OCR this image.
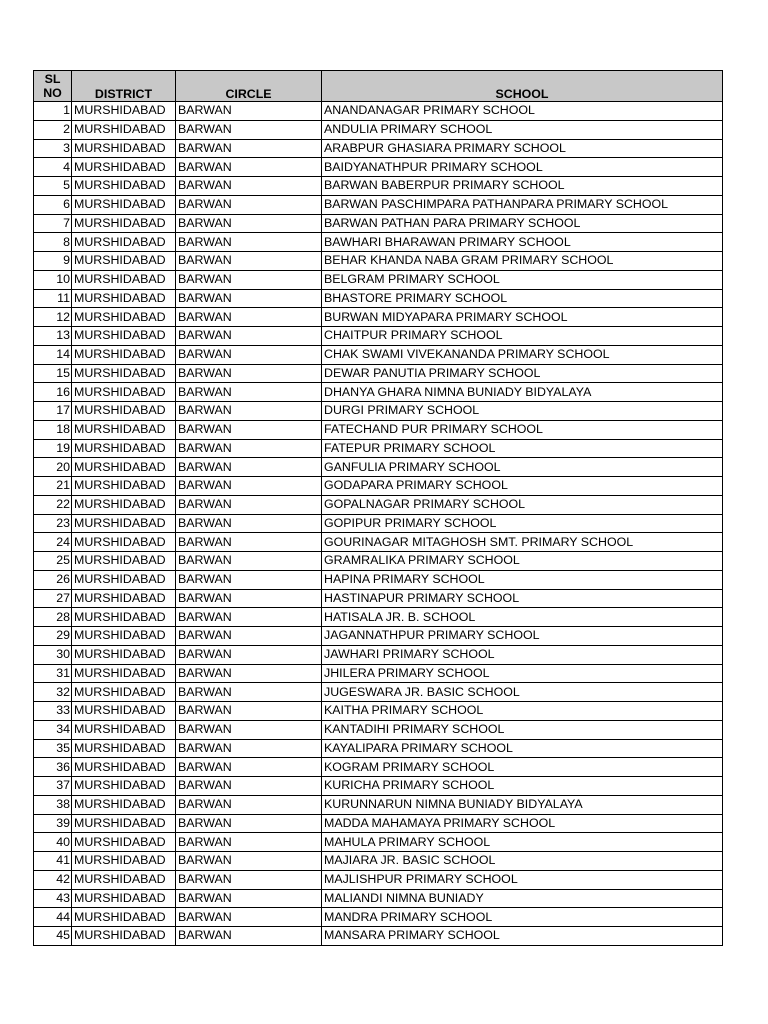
SL
NO	DISTRICT	CIRCLE	SCHOOL
1	MURSHIDABAD	BARWAN	ANANDANAGAR PRIMARY SCHOOL
2	MURSHIDABAD	BARWAN	ANDULIA PRIMARY SCHOOL
3	MURSHIDABAD	BARWAN	ARABPUR GHASIARA PRIMARY SCHOOL
4	MURSHIDABAD	BARWAN	BAIDYANATHPUR PRIMARY SCHOOL
5	MURSHIDABAD	BARWAN	BARWAN BABERPUR PRIMARY SCHOOL
6	MURSHIDABAD	BARWAN	BARWAN PASCHIMPARA PATHANPARA PRIMARY SCHOOL
7	MURSHIDABAD	BARWAN	BARWAN PATHAN PARA PRIMARY SCHOOL
8	MURSHIDABAD	BARWAN	BAWHARI BHARAWAN PRIMARY SCHOOL
9	MURSHIDABAD	BARWAN	BEHAR KHANDA NABA GRAM PRIMARY SCHOOL
10	MURSHIDABAD	BARWAN	BELGRAM PRIMARY SCHOOL
11	MURSHIDABAD	BARWAN	BHASTORE PRIMARY SCHOOL
12	MURSHIDABAD	BARWAN	BURWAN MIDYAPARA PRIMARY SCHOOL
13	MURSHIDABAD	BARWAN	CHAITPUR PRIMARY SCHOOL
14	MURSHIDABAD	BARWAN	CHAK SWAMI VIVEKANANDA PRIMARY SCHOOL
15	MURSHIDABAD	BARWAN	DEWAR PANUTIA PRIMARY SCHOOL
16	MURSHIDABAD	BARWAN	DHANYA GHARA NIMNA BUNIADY BIDYALAYA
17	MURSHIDABAD	BARWAN	DURGI PRIMARY SCHOOL
18	MURSHIDABAD	BARWAN	FATECHAND PUR PRIMARY SCHOOL
19	MURSHIDABAD	BARWAN	FATEPUR PRIMARY SCHOOL
20	MURSHIDABAD	BARWAN	GANFULIA PRIMARY SCHOOL
21	MURSHIDABAD	BARWAN	GODAPARA PRIMARY SCHOOL
22	MURSHIDABAD	BARWAN	GOPALNAGAR PRIMARY SCHOOL
23	MURSHIDABAD	BARWAN	GOPIPUR PRIMARY SCHOOL
24	MURSHIDABAD	BARWAN	GOURINAGAR MITAGHOSH SMT. PRIMARY SCHOOL
25	MURSHIDABAD	BARWAN	GRAMRALIKA PRIMARY SCHOOL
26	MURSHIDABAD	BARWAN	HAPINA PRIMARY SCHOOL
27	MURSHIDABAD	BARWAN	HASTINAPUR PRIMARY SCHOOL
28	MURSHIDABAD	BARWAN	HATISALA JR. B. SCHOOL
29	MURSHIDABAD	BARWAN	JAGANNATHPUR PRIMARY SCHOOL
30	MURSHIDABAD	BARWAN	JAWHARI PRIMARY SCHOOL
31	MURSHIDABAD	BARWAN	JHILERA PRIMARY SCHOOL
32	MURSHIDABAD	BARWAN	JUGESWARA JR. BASIC SCHOOL
33	MURSHIDABAD	BARWAN	KAITHA PRIMARY SCHOOL
34	MURSHIDABAD	BARWAN	KANTADIHI PRIMARY SCHOOL
35	MURSHIDABAD	BARWAN	KAYALIPARA PRIMARY SCHOOL
36	MURSHIDABAD	BARWAN	KOGRAM PRIMARY SCHOOL
37	MURSHIDABAD	BARWAN	KURICHA PRIMARY SCHOOL
38	MURSHIDABAD	BARWAN	KURUNNARUN NIMNA BUNIADY BIDYALAYA
39	MURSHIDABAD	BARWAN	MADDA MAHAMAYA PRIMARY SCHOOL
40	MURSHIDABAD	BARWAN	MAHULA PRIMARY SCHOOL
41	MURSHIDABAD	BARWAN	MAJIARA JR. BASIC SCHOOL
42	MURSHIDABAD	BARWAN	MAJLISHPUR PRIMARY SCHOOL
43	MURSHIDABAD	BARWAN	MALIANDI NIMNA BUNIADY
44	MURSHIDABAD	BARWAN	MANDRA PRIMARY SCHOOL
45	MURSHIDABAD	BARWAN	MANSARA PRIMARY SCHOOL
